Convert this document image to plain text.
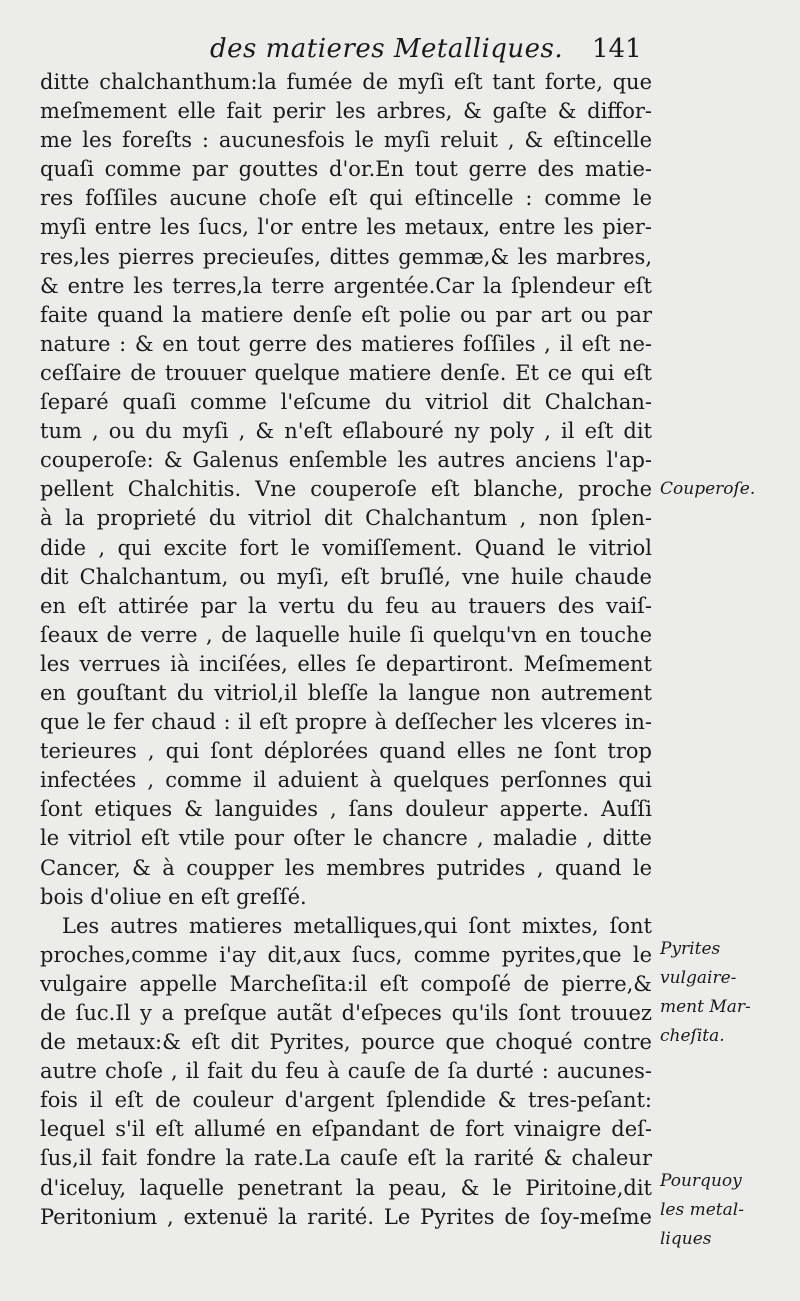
des matieres Metalliques. 141
ditte chalchanthum:la fumée de myſi eſt tant forte, que
meſmement elle fait perir les arbres, & gaſte & diffor-
me les foreſts : aucunesfois le myſi reluit , & eſtincelle
quaſi comme par gouttes d'or.En tout gerre des matie-
res foſſiles aucune choſe eſt qui eſtincelle : comme le
myſi entre les ſucs, l'or entre les metaux, entre les pier-
res,les pierres precieuſes, dittes gemmæ,& les marbres,
& entre les terres,la terre argentée.Car la ſplendeur eſt
faite quand la matiere denſe eſt polie ou par art ou par
nature : & en tout gerre des matieres foſſiles , il eſt ne-
ceſſaire de trouuer quelque matiere denſe. Et ce qui eſt
ſeparé quaſi comme l'eſcume du vitriol dit Chalchan-
tum , ou du myſi , & n'eſt eſlabouré ny poly , il eſt dit
couperoſe: & Galenus enſemble les autres anciens l'ap-
pellent Chalchitis. Vne couperoſe eſt blanche, proche
à la proprieté du vitriol dit Chalchantum , non ſplen-
dide , qui excite fort le vomiſſement. Quand le vitriol
dit Chalchantum, ou myſi, eſt bruſlé, vne huile chaude
en eſt attirée par la vertu du feu au trauers des vaiſ-
ſeaux de verre , de laquelle huile ſi quelqu'vn en touche
les verrues ià inciſées, elles ſe departiront. Meſmement
en gouſtant du vitriol,il bleſſe la langue non autrement
que le fer chaud : il eſt propre à deſſecher les vlceres in-
terieures , qui ſont déplorées quand elles ne ſont trop
infectées , comme il aduient à quelques perſonnes qui
ſont etiques & languides , ſans douleur apperte. Auſſi
le vitriol eſt vtile pour oſter le chancre , maladie , ditte
Cancer, & à coupper les membres putrides , quand le
bois d'oliue en eſt greſſé.
Les autres matieres metalliques,qui ſont mixtes, ſont
proches,comme i'ay dit,aux ſucs, comme pyrites,que le
vulgaire appelle Marcheſita:il eſt compoſé de pierre,&
de ſuc.Il y a preſque autãt d'eſpeces qu'ils ſont trouuez
de metaux:& eſt dit Pyrites, pource que choqué contre
autre choſe , il fait du feu à cauſe de ſa durté : aucunes-
fois il eſt de couleur d'argent ſplendide & tres-peſant:
lequel s'il eſt allumé en eſpandant de fort vinaigre deſ-
ſus,il fait fondre la rate.La cauſe eſt la rarité & chaleur
d'iceluy, laquelle penetrant la peau, & le Piritoine,dit
Peritonium , extenuë la rarité. Le Pyrites de ſoy-meſme
Couperoſe.
Pyrites
vulgaire-
ment Mar-
cheſita.
Pourquoy
les metal-
liques
